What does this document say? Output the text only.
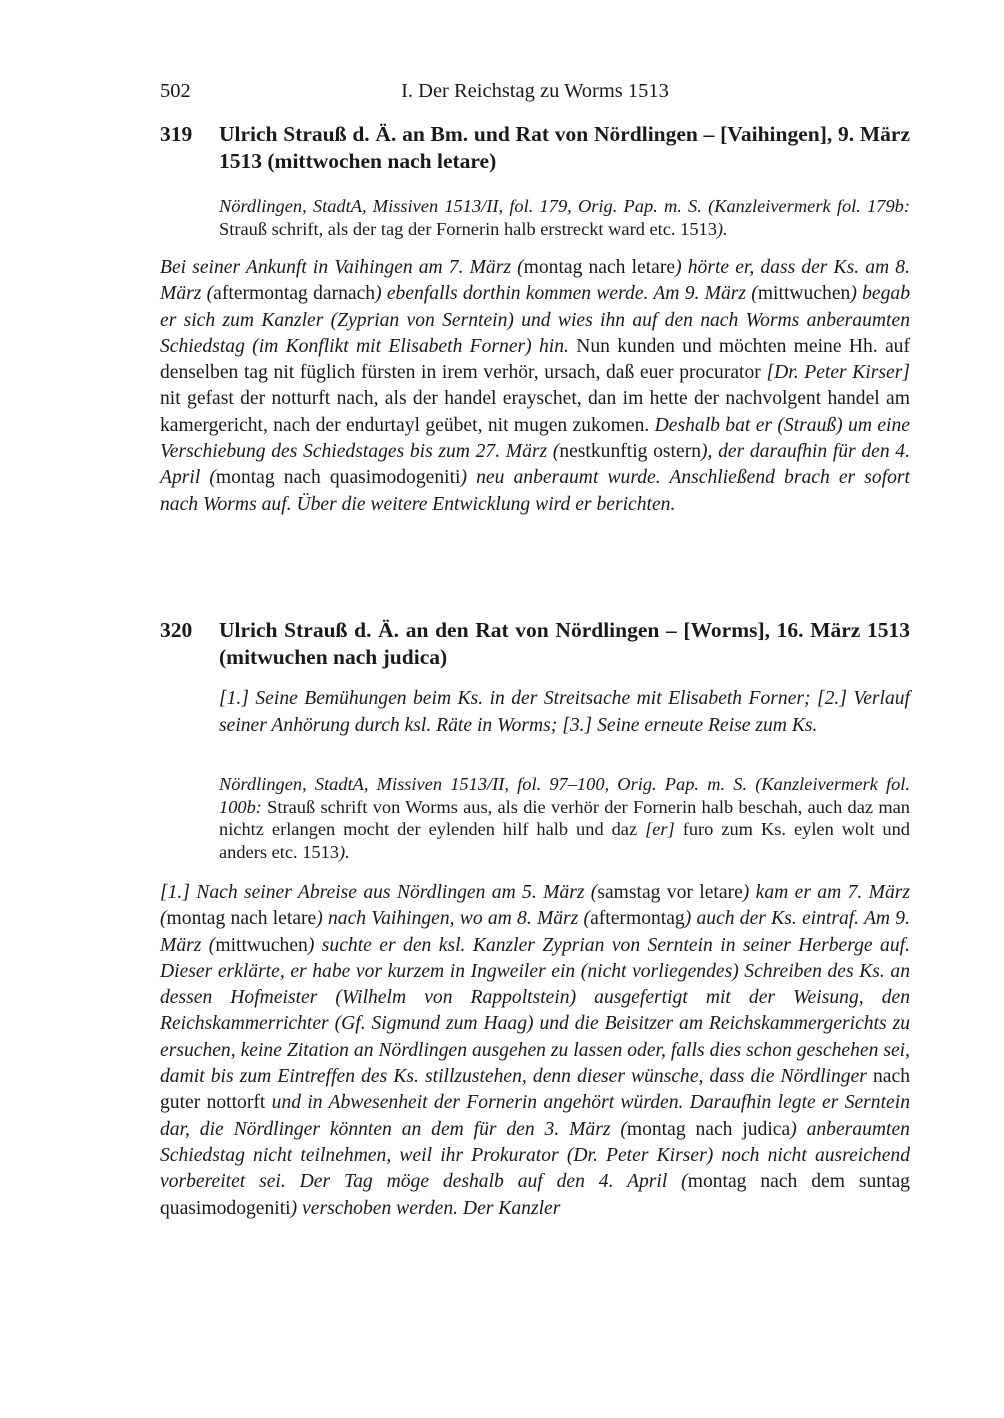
502	I. Der Reichstag zu Worms 1513
319 Ulrich Strauß d. Ä. an Bm. und Rat von Nördlingen – [Vaihingen], 9. März 1513 (mittwochen nach letare)
Nördlingen, StadtA, Missiven 1513/II, fol. 179, Orig. Pap. m. S. (Kanzleivermerk fol. 179b: Strauß schrift, als der tag der Fornerin halb erstreckt ward etc. 1513).
Bei seiner Ankunft in Vaihingen am 7. März (montag nach letare) hörte er, dass der Ks. am 8. März (aftermontag darnach) ebenfalls dorthin kommen werde. Am 9. März (mittwuchen) begab er sich zum Kanzler (Zyprian von Serntein) und wies ihn auf den nach Worms anberaumten Schiedstag (im Konflikt mit Elisabeth Forner) hin. Nun kunden und möchten meine Hh. auf denselben tag nit füglich fürsten in irem verhör, ursach, daß euer procurator [Dr. Peter Kirser] nit gefast der notturft nach, als der handel erayschet, dan im hette der nachvolgent handel am kamergericht, nach der endurtayl geübet, nit mugen zukomen. Deshalb bat er (Strauß) um eine Verschiebung des Schiedstages bis zum 27. März (nestkunftig ostern), der daraufhin für den 4. April (montag nach quasimodogeniti) neu anberaumt wurde. Anschließend brach er sofort nach Worms auf. Über die weitere Entwicklung wird er berichten.
320 Ulrich Strauß d. Ä. an den Rat von Nördlingen – [Worms], 16. März 1513 (mitwuchen nach judica)
[1.] Seine Bemühungen beim Ks. in der Streitsache mit Elisabeth Forner; [2.] Verlauf seiner Anhörung durch ksl. Räte in Worms; [3.] Seine erneute Reise zum Ks.
Nördlingen, StadtA, Missiven 1513/II, fol. 97–100, Orig. Pap. m. S. (Kanzleivermerk fol. 100b: Strauß schrift von Worms aus, als die verhör der Fornerin halb beschah, auch daz man nichtz erlangen mocht der eylenden hilf halb und daz [er] furo zum Ks. eylen wolt und anders etc. 1513).
[1.] Nach seiner Abreise aus Nördlingen am 5. März (samstag vor letare) kam er am 7. März (montag nach letare) nach Vaihingen, wo am 8. März (aftermontag) auch der Ks. eintraf. Am 9. März (mittwuchen) suchte er den ksl. Kanzler Zyprian von Serntein in seiner Herberge auf. Dieser erklärte, er habe vor kurzem in Ingweiler ein (nicht vorliegendes) Schreiben des Ks. an dessen Hofmeister (Wilhelm von Rappoltstein) ausgefertigt mit der Weisung, den Reichskammerrichter (Gf. Sigmund zum Haag) und die Beisitzer am Reichskammergerichts zu ersuchen, keine Zitation an Nördlingen ausgehen zu lassen oder, falls dies schon geschehen sei, damit bis zum Eintreffen des Ks. stillzustehen, denn dieser wünsche, dass die Nördlinger nach guter nottorft und in Abwesenheit der Fornerin angehört würden. Daraufhin legte er Serntein dar, die Nördlinger könnten an dem für den 3. März (montag nach judica) anberaumten Schiedstag nicht teilnehmen, weil ihr Prokurator (Dr. Peter Kirser) noch nicht ausreichend vorbereitet sei. Der Tag möge deshalb auf den 4. April (montag nach dem suntag quasimodogeniti) verschoben werden. Der Kanzler
